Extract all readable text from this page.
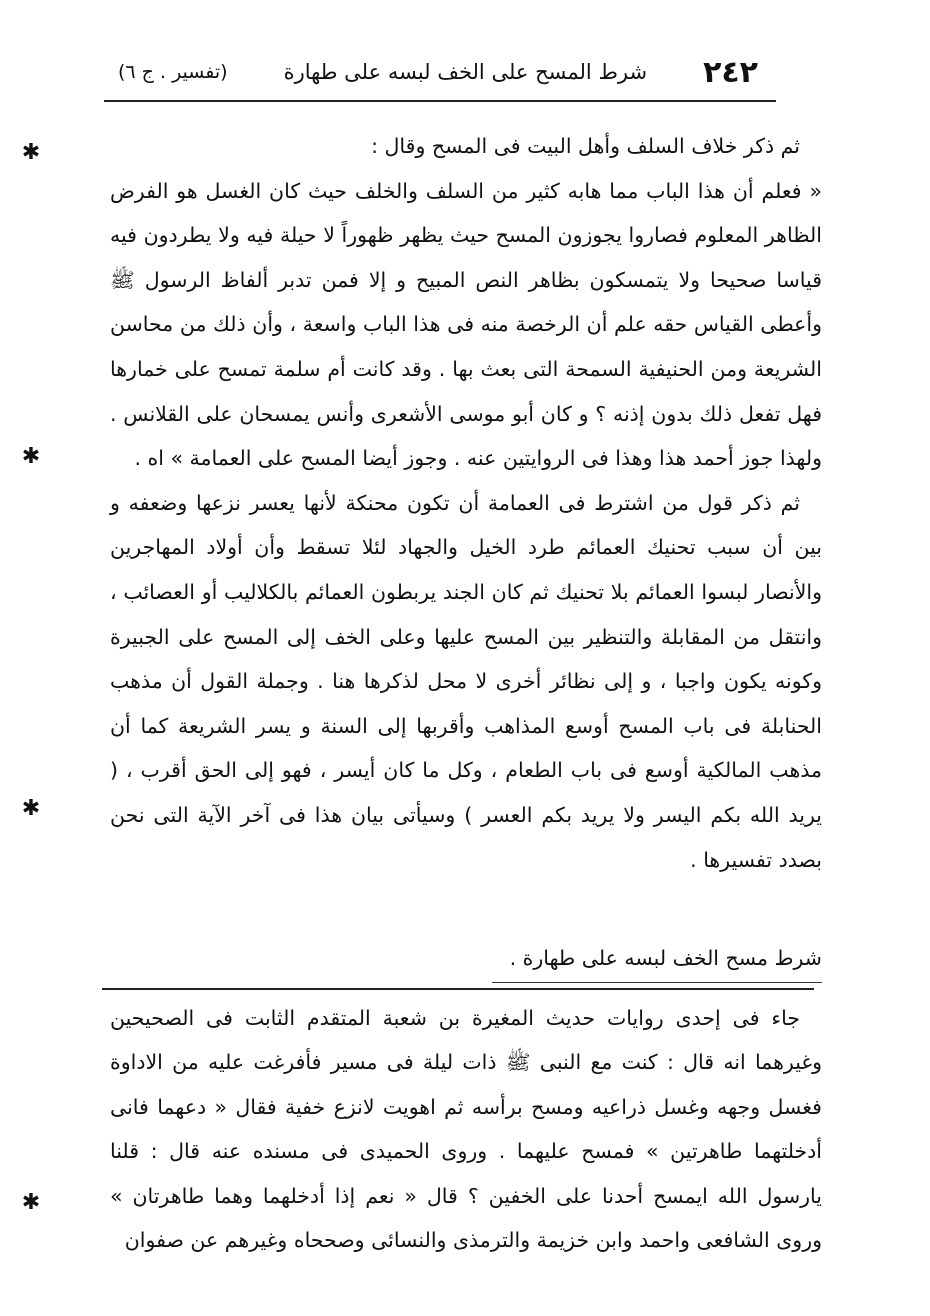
٢٤٢
شرط المسح على الخف لبسه على طهارة
(تفسير . ج ٦)
ثم ذكر خلاف السلف وأهل البيت فى المسح وقال :
« فعلم أن هذا الباب مما هابه كثير من السلف والخلف حيث كان الغسل هو الفرض الظاهر المعلوم فصاروا يجوزون المسح حيث يظهر ظهوراً لا حيلة فيه ولا يطردون فيه قياسا صحيحا ولا يتمسكون بظاهر النص المبيح و إلا فمن تدبر ألفاظ الرسول ﷺ وأعطى القياس حقه علم أن الرخصة منه فى هذا الباب واسعة ، وأن ذلك من محاسن الشريعة ومن الحنيفية السمحة التى بعث بها . وقد كانت أم سلمة تمسح على خمارها فهل تفعل ذلك بدون إذنه ؟ و كان أبو موسى الأشعرى وأنس يمسحان على القلانس . ولهذا جوز أحمد هذا وهذا فى الروايتين عنه . وجوز أيضا المسح على العمامة » اه .
ثم ذكر قول من اشترط فى العمامة أن تكون محنكة لأنها يعسر نزعها وضعفه و بين أن سبب تحنيك العمائم طرد الخيل والجهاد لئلا تسقط وأن أولاد المهاجرين والأنصار لبسوا العمائم بلا تحنيك ثم كان الجند يربطون العمائم بالكلاليب أو العصائب ، وانتقل من المقابلة والتنظير بين المسح عليها وعلى الخف إلى المسح على الجبيرة وكونه يكون واجبا ، و إلى نظائر أخرى لا محل لذكرها هنا . وجملة القول أن مذهب الحنابلة فى باب المسح أوسع المذاهب وأقربها إلى السنة و يسر الشريعة كما أن مذهب المالكية أوسع فى باب الطعام ، وكل ما كان أيسر ، فهو إلى الحق أقرب ، ( يريد الله بكم اليسر ولا يريد بكم العسر ) وسيأتى بيان هذا فى آخر الآية التى نحن بصدد تفسيرها .
شرط مسح الخف لبسه على طهارة .

جاء فى إحدى روايات حديث المغيرة بن شعبة المتقدم الثابت فى الصحيحين وغيرهما انه قال : كنت مع النبى ﷺ ذات ليلة فى مسير فأفرغت عليه من الاداوة فغسل وجهه وغسل ذراعيه ومسح برأسه ثم اهويت لانزع خفية فقال « دعهما فانى أدخلتهما طاهرتين » فمسح عليهما . وروى الحميدى فى مسنده عنه قال : قلنا يارسول الله ايمسح أحدنا على الخفين ؟ قال « نعم إذا أدخلهما وهما طاهرتان » وروى الشافعى واحمد وابن خزيمة والترمذى والنسائى وصححاه وغيرهم عن صفوان

✱
✱
✱
✱
